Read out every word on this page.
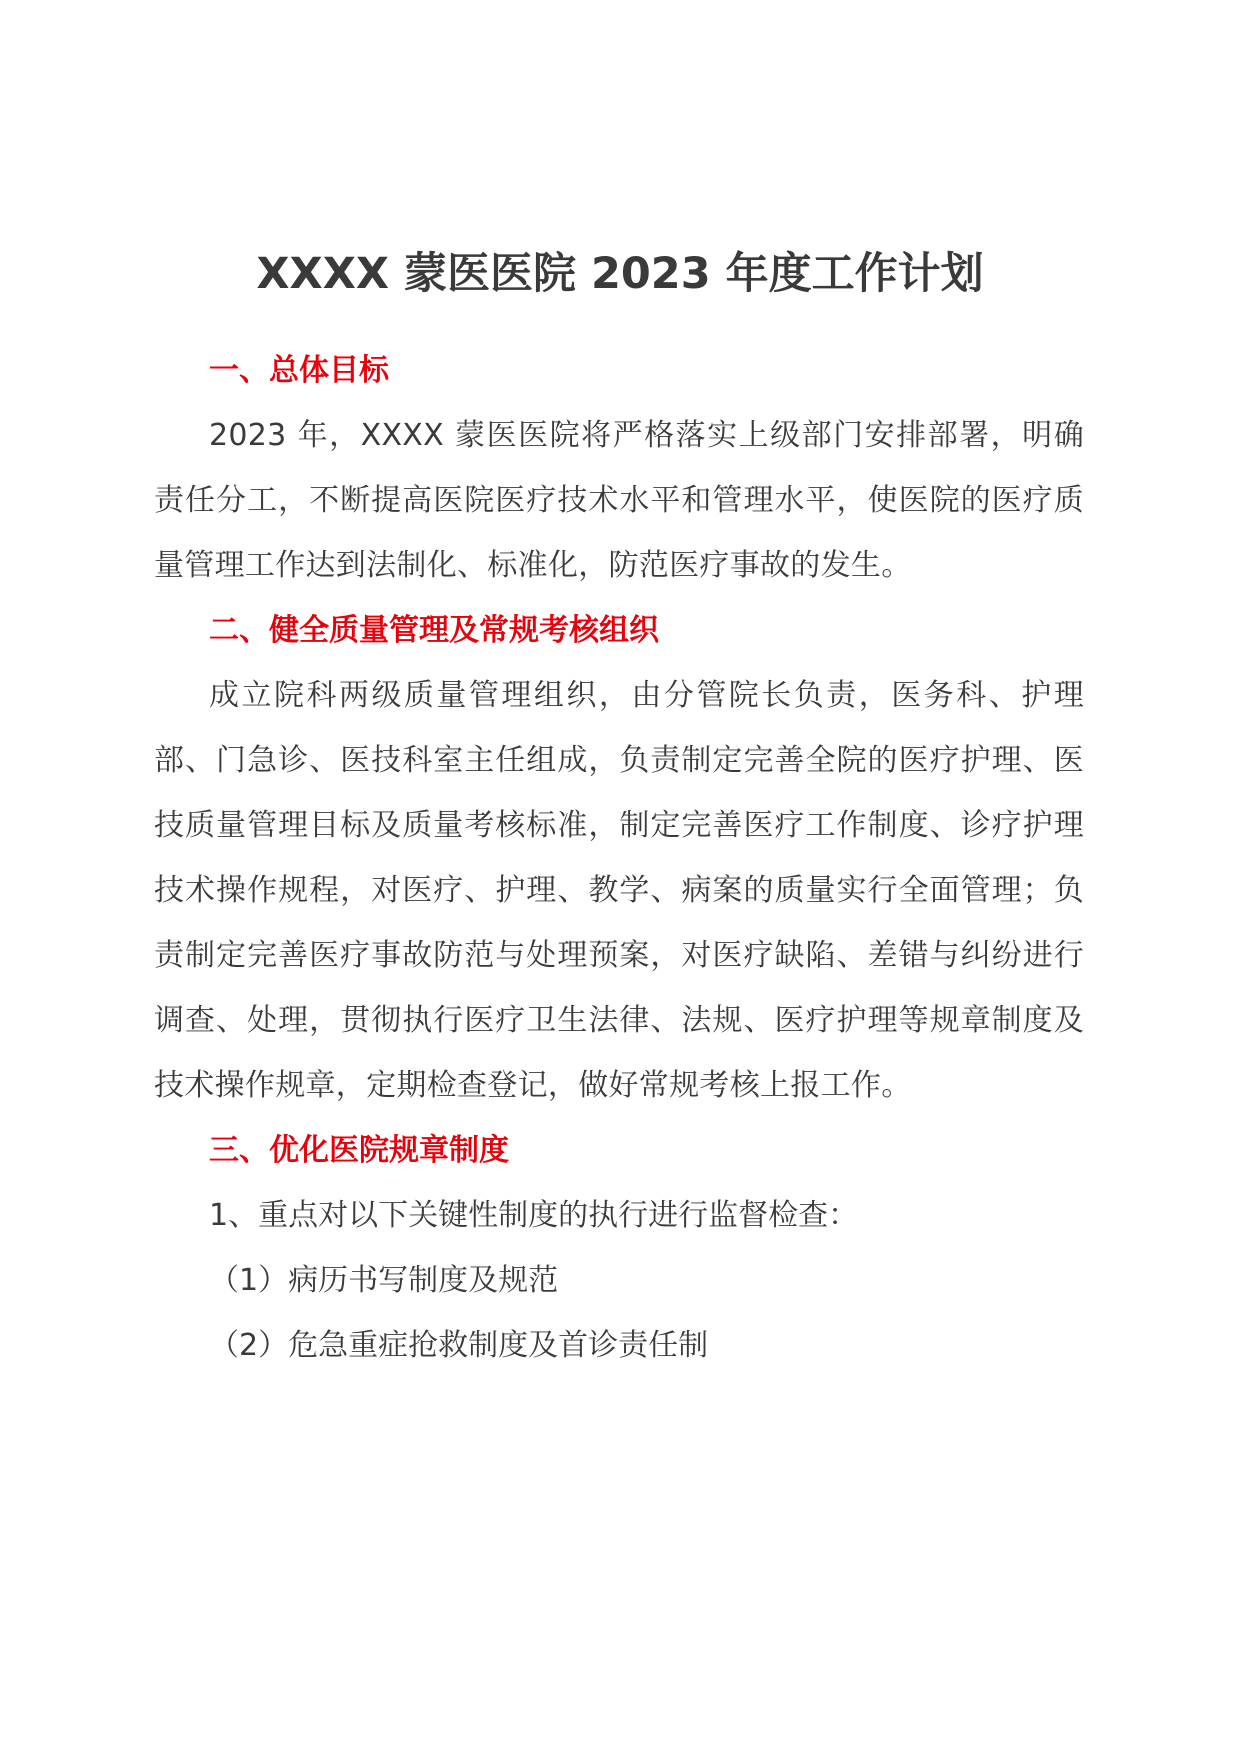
XXXX 蒙医医院 2023 年度工作计划
一、总体目标

2023 年，XXXX 蒙医医院将严格落实上级部门安排部署，明确责任分工，不断提高医院医疗技术水平和管理水平，使医院的医疗质量管理工作达到法制化、标准化，防范医疗事故的发生。

二、健全质量管理及常规考核组织

成立院科两级质量管理组织，由分管院长负责，医务科、护理部、门急诊、医技科室主任组成，负责制定完善全院的医疗护理、医技质量管理目标及质量考核标准，制定完善医疗工作制度、诊疗护理技术操作规程，对医疗、护理、教学、病案的质量实行全面管理；负责制定完善医疗事故防范与处理预案，对医疗缺陷、差错与纠纷进行调查、处理，贯彻执行医疗卫生法律、法规、医疗护理等规章制度及技术操作规章，定期检查登记，做好常规考核上报工作。

三、优化医院规章制度

1、重点对以下关键性制度的执行进行监督检查：

（1）病历书写制度及规范

（2）危急重症抢救制度及首诊责任制
